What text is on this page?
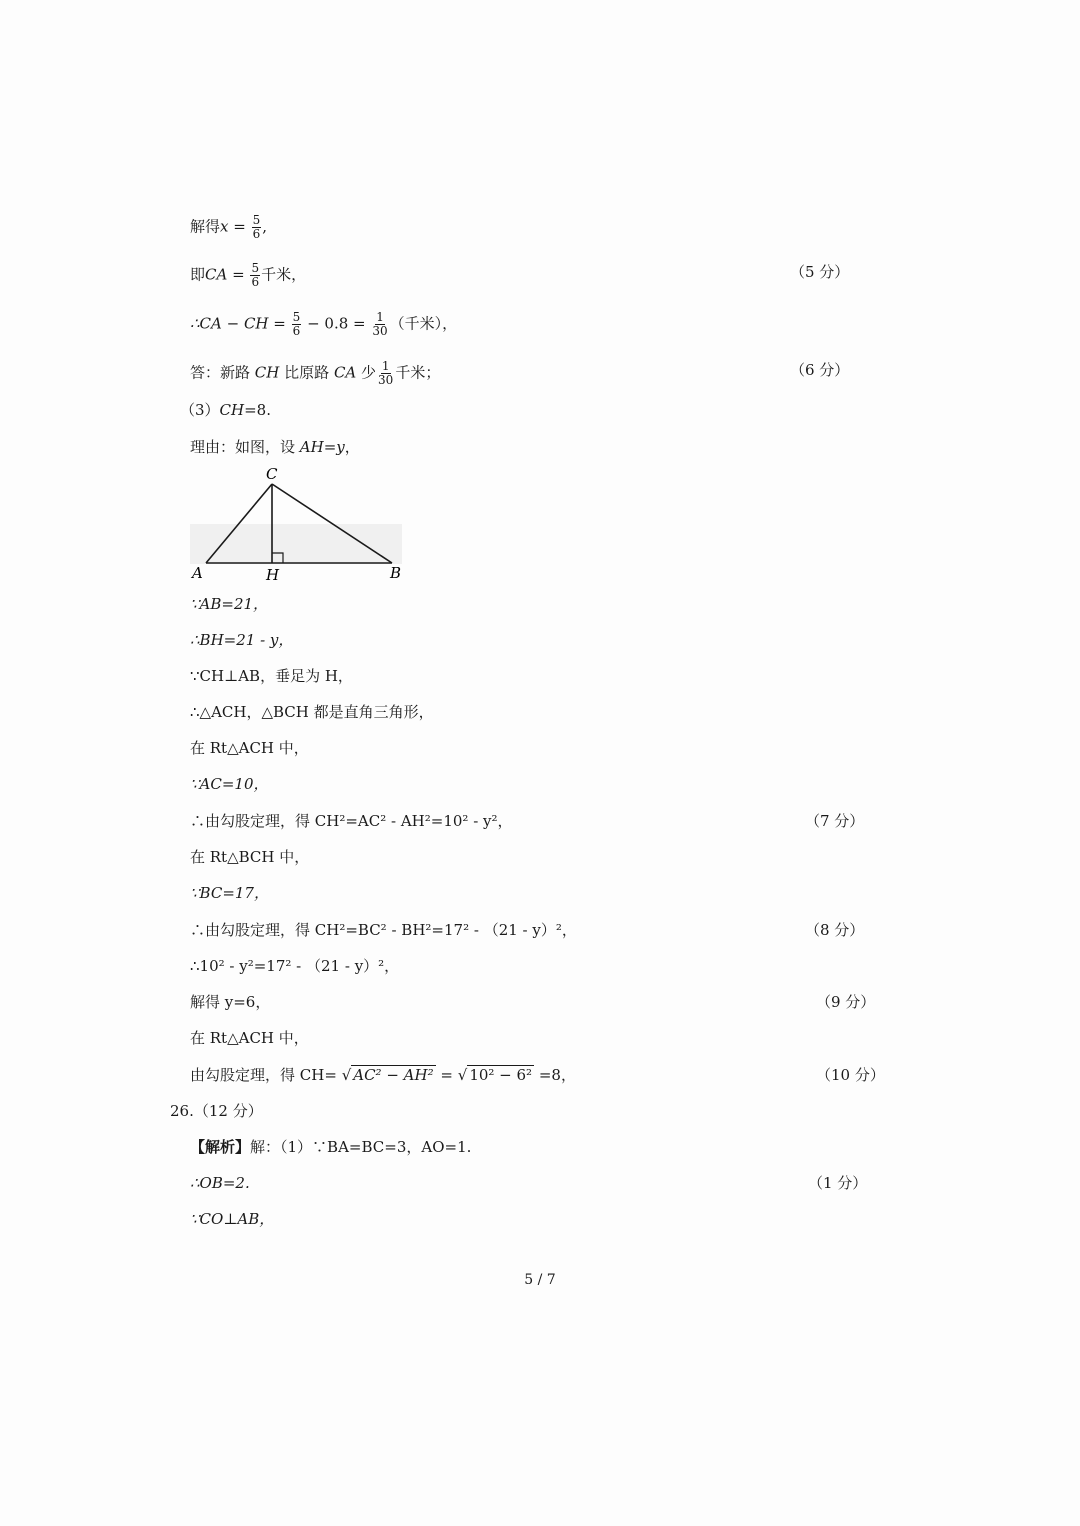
解得$x = \frac{5}{6}$ ,
即CA = $\frac{5}{6}$ 千米，	（5 分）
∴CA − CH = $\frac{5}{6} - 0.8 = \frac{1}{30}$ （千米），
答：新路 CH 比原路 CA 少 $\frac{1}{30}$ 千米；	（6 分）
（3）CH=8.
理由：如图，设 AH=y，
C
A	H	B
∵AB=21，
∴BH=21 - y，
∵CH⊥AB，垂足为 H，
∴△ACH，△BCH 都是直角三角形，
在 Rt△ACH 中，
∵AC=10，
∴由勾股定理，得 CH²=AC² - AH²=10² - y²，	（7 分）
在 Rt△BCH 中，
∵BC=17，
∴由勾股定理，得 CH²=BC² - BH²=17² - （21 - y）²，	（8 分）
∴10² - y²=17² - （21 - y）²，
解得 y=6，	（9 分）
在 Rt△ACH 中，
由勾股定理，得 CH= √ AC² − AH² = √ 10² − 6² =8，	（10 分）
26.（12 分）
【解析】解：（1）∵BA=BC=3，AO=1.
∴OB=2.	（1 分）
∵CO⊥AB，
5 / 7
